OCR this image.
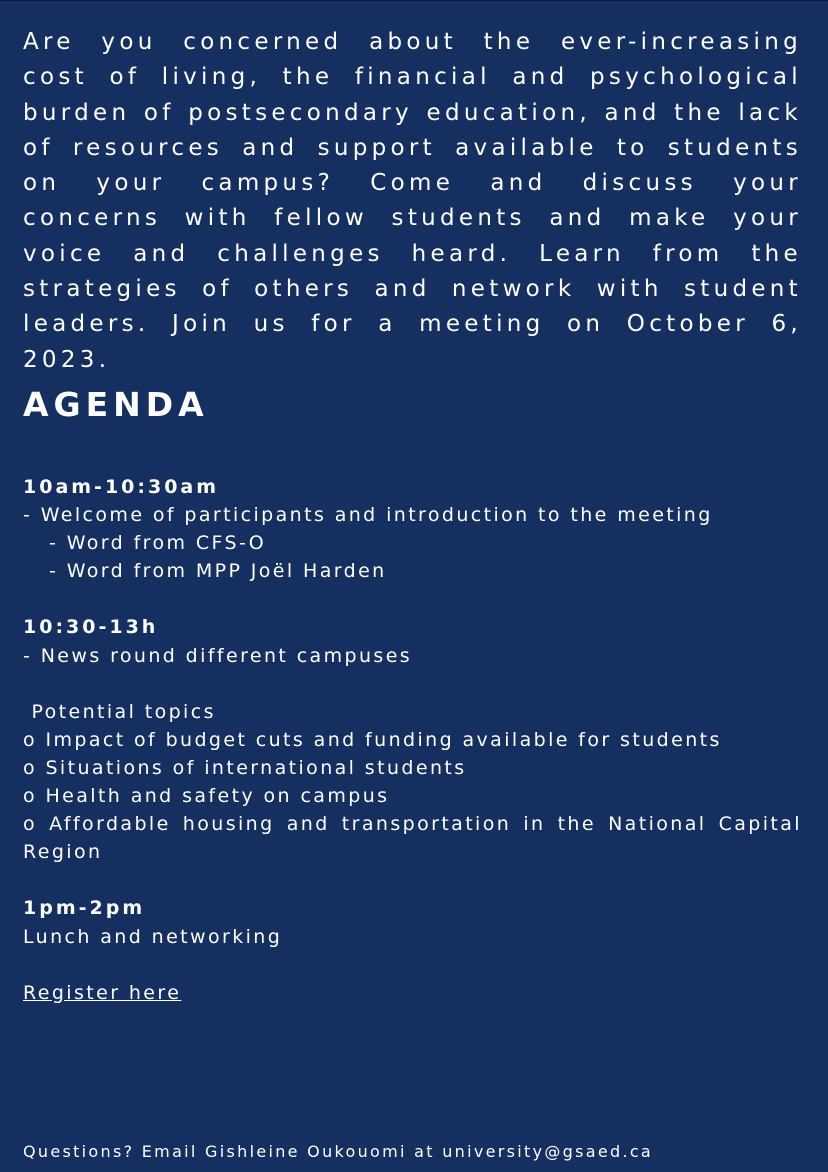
Are you concerned about the ever-increasing cost of living, the financial and psychological burden of postsecondary education, and the lack of resources and support available to students on your campus? Come and discuss your concerns with fellow students and make your voice and challenges heard. Learn from the strategies of others and network with student leaders. Join us for a meeting on October 6, 2023.

AGENDA
10am-10:30am
- Welcome of participants and introduction to the meeting
- Word from CFS-O
- Word from MPP Joël Harden
10:30-13h
- News round different campuses
Potential topics
o Impact of budget cuts and funding available for students
o Situations of international students
o Health and safety on campus
o Affordable housing and transportation in the National Capital Region
1pm-2pm
Lunch and networking
Register here
Questions? Email Gishleine Oukouomi at university@gsaed.ca
